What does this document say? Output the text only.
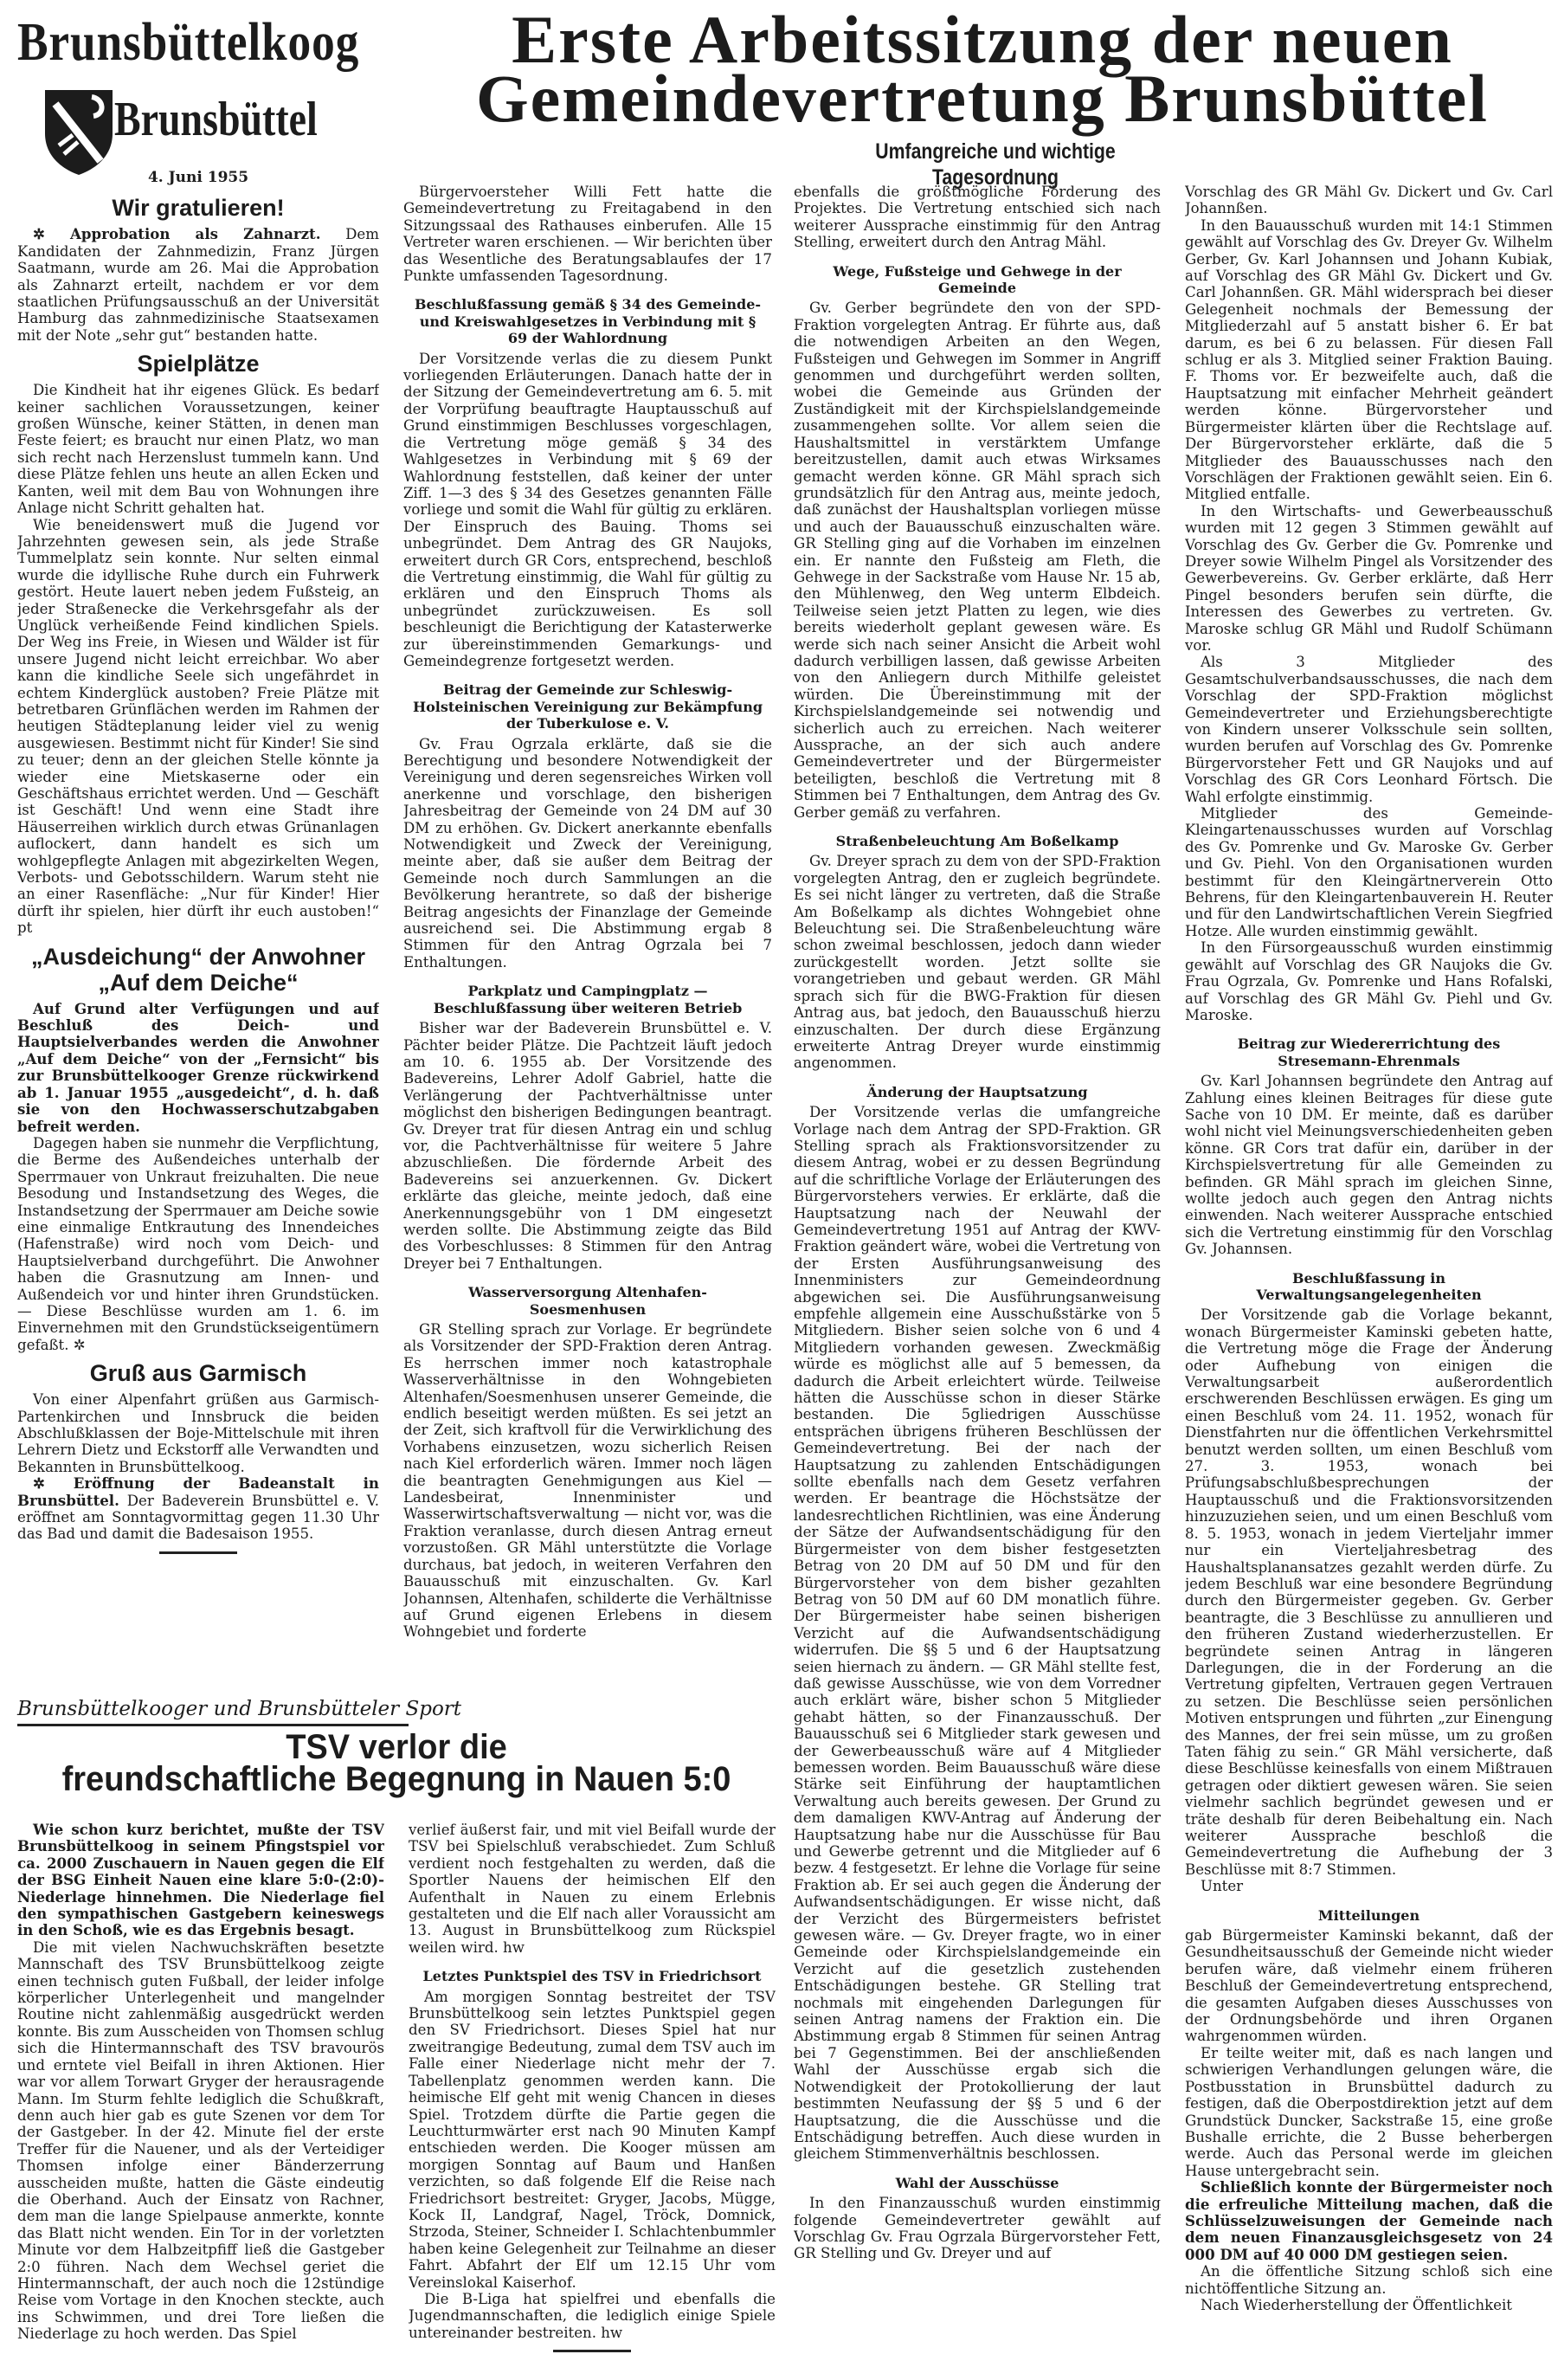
Brunsbüttelkoog
Brunsbüttel
Erste Arbeitssitzung der neuen
Gemeindevertretung Brunsbüttel
Umfangreiche und wichtige Tagesordnung
4. Juni 1955
Wir gratulieren!

✲ Approbation als Zahnarzt. Dem Kandidaten der Zahnmedizin, Franz Jürgen Saatmann, wurde am 26. Mai die Approbation als Zahnarzt erteilt, nachdem er vor dem staatlichen Prüfungsausschuß an der Universität Hamburg das zahnmedizinische Staatsexamen mit der Note „sehr gut“ bestanden hatte.

Spielplätze

Die Kindheit hat ihr eigenes Glück. Es bedarf keiner sachlichen Voraussetzungen, keiner großen Wünsche, keiner Stätten, in denen man Feste feiert; es braucht nur einen Platz, wo man sich recht nach Herzenslust tummeln kann. Und diese Plätze fehlen uns heute an allen Ecken und Kanten, weil mit dem Bau von Wohnungen ihre Anlage nicht Schritt gehalten hat.

Wie beneidenswert muß die Jugend vor Jahrzehnten gewesen sein, als jede Straße Tummelplatz sein konnte. Nur selten einmal wurde die idyllische Ruhe durch ein Fuhrwerk gestört. Heute lauert neben jedem Fußsteig, an jeder Straßenecke die Verkehrsgefahr als der Unglück verheißende Feind kindlichen Spiels. Der Weg ins Freie, in Wiesen und Wälder ist für unsere Jugend nicht leicht erreichbar. Wo aber kann die kindliche Seele sich ungefährdet in echtem Kinderglück austoben? Freie Plätze mit betretbaren Grünflächen werden im Rahmen der heutigen Städteplanung leider viel zu wenig ausgewiesen. Bestimmt nicht für Kinder! Sie sind zu teuer; denn an der gleichen Stelle könnte ja wieder eine Mietskaserne oder ein Geschäftshaus errichtet werden. Und — Geschäft ist Geschäft! Und wenn eine Stadt ihre Häuserreihen wirklich durch etwas Grünanlagen auflockert, dann handelt es sich um wohlgepflegte Anlagen mit abgezirkelten Wegen, Verbots- und Gebotsschildern. Warum steht nie an einer Rasenfläche: „Nur für Kinder! Hier dürft ihr spielen, hier dürft ihr euch austoben!“ pt

„Ausdeichung“ der Anwohner „Auf dem Deiche“

Auf Grund alter Verfügungen und auf Beschluß des Deich- und Hauptsielverbandes werden die Anwohner „Auf dem Deiche“ von der „Fernsicht“ bis zur Brunsbüttelkooger Grenze rückwirkend ab 1. Januar 1955 „ausgedeicht“, d. h. daß sie von den Hochwasserschutzabgaben befreit werden.

Dagegen haben sie nunmehr die Verpflichtung, die Berme des Außendeiches unterhalb der Sperrmauer von Unkraut freizuhalten. Die neue Besodung und Instandsetzung des Weges, die Instandsetzung der Sperrmauer am Deiche sowie eine einmalige Entkrautung des Innendeiches (Hafenstraße) wird noch vom Deich- und Hauptsielverband durchgeführt. Die Anwohner haben die Grasnutzung am Innen- und Außendeich vor und hinter ihren Grundstücken. — Diese Beschlüsse wurden am 1. 6. im Einvernehmen mit den Grundstückseigentümern gefaßt. ✲

Gruß aus Garmisch

Von einer Alpenfahrt grüßen aus Garmisch-Partenkirchen und Innsbruck die beiden Abschlußklassen der Boje-Mittelschule mit ihren Lehrern Dietz und Eckstorff alle Verwandten und Bekannten in Brunsbüttelkoog.

✲ Eröffnung der Badeanstalt in Brunsbüttel. Der Badeverein Brunsbüttel e. V. eröffnet am Sonntagvormittag gegen 11.30 Uhr das Bad und damit die Badesaison 1955.

Bürgervoersteher Willi Fett hatte die Gemeindevertretung zu Freitagabend in den Sitzungssaal des Rathauses einberufen. Alle 15 Vertreter waren erschienen. — Wir berichten über das Wesentliche des Beratungsablaufes der 17 Punkte umfassenden Tagesordnung.

Beschlußfassung gemäß § 34 des Gemeinde- und Kreiswahlgesetzes in Verbindung mit § 69 der Wahlordnung

Der Vorsitzende verlas die zu diesem Punkt vorliegenden Erläuterungen. Danach hatte der in der Sitzung der Gemeindevertretung am 6. 5. mit der Vorprüfung beauftragte Hauptausschuß auf Grund einstimmigen Beschlusses vorgeschlagen, die Vertretung möge gemäß § 34 des Wahlgesetzes in Verbindung mit § 69 der Wahlordnung feststellen, daß keiner der unter Ziff. 1—3 des § 34 des Gesetzes genannten Fälle vorliege und somit die Wahl für gültig zu erklären. Der Einspruch des Bauing. Thoms sei unbegründet. Dem Antrag des GR Naujoks, erweitert durch GR Cors, entsprechend, beschloß die Vertretung einstimmig, die Wahl für gültig zu erklären und den Einspruch Thoms als unbegründet zurückzuweisen. Es soll beschleunigt die Berichtigung der Katasterwerke zur übereinstimmenden Gemarkungs- und Gemeindegrenze fortgesetzt werden.

Beitrag der Gemeinde zur Schleswig-Holsteinischen Vereinigung zur Bekämpfung der Tuberkulose e. V.

Gv. Frau Ogrzala erklärte, daß sie die Berechtigung und besondere Notwendigkeit der Vereinigung und deren segensreiches Wirken voll anerkenne und vorschlage, den bisherigen Jahresbeitrag der Gemeinde von 24 DM auf 30 DM zu erhöhen. Gv. Dickert anerkannte ebenfalls Notwendigkeit und Zweck der Vereinigung, meinte aber, daß sie außer dem Beitrag der Gemeinde noch durch Sammlungen an die Bevölkerung herantrete, so daß der bisherige Beitrag angesichts der Finanzlage der Gemeinde ausreichend sei. Die Abstimmung ergab 8 Stimmen für den Antrag Ogrzala bei 7 Enthaltungen.

Parkplatz und Campingplatz — Beschlußfassung über weiteren Betrieb

Bisher war der Badeverein Brunsbüttel e. V. Pächter beider Plätze. Die Pachtzeit läuft jedoch am 10. 6. 1955 ab. Der Vorsitzende des Badevereins, Lehrer Adolf Gabriel, hatte die Verlängerung der Pachtverhältnisse unter möglichst den bisherigen Bedingungen beantragt. Gv. Dreyer trat für diesen Antrag ein und schlug vor, die Pachtverhältnisse für weitere 5 Jahre abzuschließen. Die fördernde Arbeit des Badevereins sei anzuerkennen. Gv. Dickert erklärte das gleiche, meinte jedoch, daß eine Anerkennungsgebühr von 1 DM eingesetzt werden sollte. Die Abstimmung zeigte das Bild des Vorbeschlusses: 8 Stimmen für den Antrag Dreyer bei 7 Enthaltungen.

Wasserversorgung Altenhafen-Soesmenhusen

GR Stelling sprach zur Vorlage. Er begründete als Vorsitzender der SPD-Fraktion deren Antrag. Es herrschen immer noch katastrophale Wasserverhältnisse in den Wohngebieten Altenhafen/Soesmenhusen unserer Gemeinde, die endlich beseitigt werden müßten. Es sei jetzt an der Zeit, sich kraftvoll für die Verwirklichung des Vorhabens einzusetzen, wozu sicherlich Reisen nach Kiel erforderlich wären. Immer noch lägen die beantragten Genehmigungen aus Kiel — Landesbeirat, Innenminister und Wasserwirtschaftsverwaltung — nicht vor, was die Fraktion veranlasse, durch diesen Antrag erneut vorzustoßen. GR Mähl unterstützte die Vorlage durchaus, bat jedoch, in weiteren Verfahren den Bauausschuß mit einzuschalten. Gv. Karl Johannsen, Altenhafen, schilderte die Verhältnisse auf Grund eigenen Erlebens in diesem Wohngebiet und forderte

ebenfalls die größtmögliche Förderung des Projektes. Die Vertretung entschied sich nach weiterer Aussprache einstimmig für den Antrag Stelling, erweitert durch den Antrag Mähl.

Wege, Fußsteige und Gehwege in der Gemeinde

Gv. Gerber begründete den von der SPD-Fraktion vorgelegten Antrag. Er führte aus, daß die notwendigen Arbeiten an den Wegen, Fußsteigen und Gehwegen im Sommer in Angriff genommen und durchgeführt werden sollten, wobei die Gemeinde aus Gründen der Zuständigkeit mit der Kirchspielslandgemeinde zusammengehen sollte. Vor allem seien die Haushaltsmittel in verstärktem Umfange bereitzustellen, damit auch etwas Wirksames gemacht werden könne. GR Mähl sprach sich grundsätzlich für den Antrag aus, meinte jedoch, daß zunächst der Haushaltsplan vorliegen müsse und auch der Bauausschuß einzuschalten wäre. GR Stelling ging auf die Vorhaben im einzelnen ein. Er nannte den Fußsteig am Fleth, die Gehwege in der Sackstraße vom Hause Nr. 15 ab, den Mühlenweg, den Weg unterm Elbdeich. Teilweise seien jetzt Platten zu legen, wie dies bereits wiederholt geplant gewesen wäre. Es werde sich nach seiner Ansicht die Arbeit wohl dadurch verbilligen lassen, daß gewisse Arbeiten von den Anliegern durch Mithilfe geleistet würden. Die Übereinstimmung mit der Kirchspielslandgemeinde sei notwendig und sicherlich auch zu erreichen. Nach weiterer Aussprache, an der sich auch andere Gemeindevertreter und der Bürgermeister beteiligten, beschloß die Vertretung mit 8 Stimmen bei 7 Enthaltungen, dem Antrag des Gv. Gerber gemäß zu verfahren.

Straßenbeleuchtung Am Boßelkamp

Gv. Dreyer sprach zu dem von der SPD-Fraktion vorgelegten Antrag, den er zugleich begründete. Es sei nicht länger zu vertreten, daß die Straße Am Boßelkamp als dichtes Wohngebiet ohne Beleuchtung sei. Die Straßenbeleuchtung wäre schon zweimal beschlossen, jedoch dann wieder zurückgestellt worden. Jetzt sollte sie vorangetrieben und gebaut werden. GR Mähl sprach sich für die BWG-Fraktion für diesen Antrag aus, bat jedoch, den Bauausschuß hierzu einzuschalten. Der durch diese Ergänzung erweiterte Antrag Dreyer wurde einstimmig angenommen.

Änderung der Hauptsatzung

Der Vorsitzende verlas die umfangreiche Vorlage nach dem Antrag der SPD-Fraktion. GR Stelling sprach als Fraktionsvorsitzender zu diesem Antrag, wobei er zu dessen Begründung auf die schriftliche Vorlage der Erläuterungen des Bürgervorstehers verwies. Er erklärte, daß die Hauptsatzung nach der Neuwahl der Gemeindevertretung 1951 auf Antrag der KWV-Fraktion geändert wäre, wobei die Vertretung von der Ersten Ausführungsanweisung des Innenministers zur Gemeindeordnung abgewichen sei. Die Ausführungsanweisung empfehle allgemein eine Ausschußstärke von 5 Mitgliedern. Bisher seien solche von 6 und 4 Mitgliedern vorhanden gewesen. Zweckmäßig würde es möglichst alle auf 5 bemessen, da dadurch die Arbeit erleichtert würde. Teilweise hätten die Ausschüsse schon in dieser Stärke bestanden. Die 5gliedrigen Ausschüsse entsprächen übrigens früheren Beschlüssen der Gemeindevertretung. Bei der nach der Hauptsatzung zu zahlenden Entschädigungen sollte ebenfalls nach dem Gesetz verfahren werden. Er beantrage die Höchstsätze der landesrechtlichen Richtlinien, was eine Änderung der Sätze der Aufwandsentschädigung für den Bürgermeister von dem bisher festgesetzten Betrag von 20 DM auf 50 DM und für den Bürgervorsteher von dem bisher gezahlten Betrag von 50 DM auf 60 DM monatlich führe. Der Bürgermeister habe seinen bisherigen Verzicht auf die Aufwandsentschädigung widerrufen. Die §§ 5 und 6 der Hauptsatzung seien hiernach zu ändern. — GR Mähl stellte fest, daß gewisse Ausschüsse, wie von dem Vorredner auch erklärt wäre, bisher schon 5 Mitglieder gehabt hätten, so der Finanzausschuß. Der Bauausschuß sei 6 Mitglieder stark gewesen und der Gewerbeausschuß wäre auf 4 Mitglieder bemessen worden. Beim Bauausschuß wäre diese Stärke seit Einführung der hauptamtlichen Verwaltung auch bereits gewesen. Der Grund zu dem damaligen KWV-Antrag auf Änderung der Hauptsatzung habe nur die Ausschüsse für Bau und Gewerbe getrennt und die Mitglieder auf 6 bezw. 4 festgesetzt. Er lehne die Vorlage für seine Fraktion ab. Er sei auch gegen die Änderung der Aufwandsentschädigungen. Er wisse nicht, daß der Verzicht des Bürgermeisters befristet gewesen wäre. — Gv. Dreyer fragte, wo in einer Gemeinde oder Kirchspielslandgemeinde ein Verzicht auf die gesetzlich zustehenden Entschädigungen bestehe. GR Stelling trat nochmals mit eingehenden Darlegungen für seinen Antrag namens der Fraktion ein. Die Abstimmung ergab 8 Stimmen für seinen Antrag bei 7 Gegenstimmen. Bei der anschließenden Wahl der Ausschüsse ergab sich die Notwendigkeit der Protokollierung der laut bestimmten Neufassung der §§ 5 und 6 der Hauptsatzung, die die Ausschüsse und die Entschädigung betreffen. Auch diese wurden in gleichem Stimmenverhältnis beschlossen.

Wahl der Ausschüsse

In den Finanzausschuß wurden einstimmig folgende Gemeindevertreter gewählt auf Vorschlag Gv. Frau Ogrzala Bürgervorsteher Fett, GR Stelling und Gv. Dreyer und auf

Vorschlag des GR Mähl Gv. Dickert und Gv. Carl Johannßen.

In den Bauausschuß wurden mit 14:1 Stimmen gewählt auf Vorschlag des Gv. Dreyer Gv. Wilhelm Gerber, Gv. Karl Johannsen und Johann Kubiak, auf Vorschlag des GR Mähl Gv. Dickert und Gv. Carl Johannßen. GR. Mähl widersprach bei dieser Gelegenheit nochmals der Bemessung der Mitgliederzahl auf 5 anstatt bisher 6. Er bat darum, es bei 6 zu belassen. Für diesen Fall schlug er als 3. Mitglied seiner Fraktion Bauing. F. Thoms vor. Er bezweifelte auch, daß die Hauptsatzung mit einfacher Mehrheit geändert werden könne. Bürgervorsteher und Bürgermeister klärten über die Rechtslage auf. Der Bürgervorsteher erklärte, daß die 5 Mitglieder des Bauausschusses nach den Vorschlägen der Fraktionen gewählt seien. Ein 6. Mitglied entfalle.

In den Wirtschafts- und Gewerbeausschuß wurden mit 12 gegen 3 Stimmen gewählt auf Vorschlag des Gv. Gerber die Gv. Pomrenke und Dreyer sowie Wilhelm Pingel als Vorsitzender des Gewerbevereins. Gv. Gerber erklärte, daß Herr Pingel besonders berufen sein dürfte, die Interessen des Gewerbes zu vertreten. Gv. Maroske schlug GR Mähl und Rudolf Schümann vor.

Als 3 Mitglieder des Gesamtschulverbandsausschusses, die nach dem Vorschlag der SPD-Fraktion möglichst Gemeindevertreter und Erziehungsberechtigte von Kindern unserer Volksschule sein sollten, wurden berufen auf Vorschlag des Gv. Pomrenke Bürgervorsteher Fett und GR Naujoks und auf Vorschlag des GR Cors Leonhard Förtsch. Die Wahl erfolgte einstimmig.

Mitglieder des Gemeinde-Kleingartenausschusses wurden auf Vorschlag des Gv. Pomrenke und Gv. Maroske Gv. Gerber und Gv. Piehl. Von den Organisationen wurden bestimmt für den Kleingärtnerverein Otto Behrens, für den Kleingartenbauverein H. Reuter und für den Landwirtschaftlichen Verein Siegfried Hotze. Alle wurden einstimmig gewählt.

In den Fürsorgeausschuß wurden einstimmig gewählt auf Vorschlag des GR Naujoks die Gv. Frau Ogrzala, Gv. Pomrenke und Hans Rofalski, auf Vorschlag des GR Mähl Gv. Piehl und Gv. Maroske.

Beitrag zur Wiedererrichtung des Stresemann-Ehrenmals

Gv. Karl Johannsen begründete den Antrag auf Zahlung eines kleinen Beitrages für diese gute Sache von 10 DM. Er meinte, daß es darüber wohl nicht viel Meinungsverschiedenheiten geben könne. GR Cors trat dafür ein, darüber in der Kirchspielsvertretung für alle Gemeinden zu befinden. GR Mähl sprach im gleichen Sinne, wollte jedoch auch gegen den Antrag nichts einwenden. Nach weiterer Aussprache entschied sich die Vertretung einstimmig für den Vorschlag Gv. Johannsen.

Beschlußfassung in Verwaltungsangelegenheiten

Der Vorsitzende gab die Vorlage bekannt, wonach Bürgermeister Kaminski gebeten hatte, die Vertretung möge die Frage der Änderung oder Aufhebung von einigen die Verwaltungsarbeit außerordentlich erschwerenden Beschlüssen erwägen. Es ging um einen Beschluß vom 24. 11. 1952, wonach für Dienstfahrten nur die öffentlichen Verkehrsmittel benutzt werden sollten, um einen Beschluß vom 27. 3. 1953, wonach bei Prüfungsabschlußbesprechungen der Hauptausschuß und die Fraktionsvorsitzenden hinzuzuziehen seien, und um einen Beschluß vom 8. 5. 1953, wonach in jedem Vierteljahr immer nur ein Vierteljahresbetrag des Haushaltsplanansatzes gezahlt werden dürfe. Zu jedem Beschluß war eine besondere Begründung durch den Bürgermeister gegeben. Gv. Gerber beantragte, die 3 Beschlüsse zu annullieren und den früheren Zustand wiederherzustellen. Er begründete seinen Antrag in längeren Darlegungen, die in der Forderung an die Vertretung gipfelten, Vertrauen gegen Vertrauen zu setzen. Die Beschlüsse seien persönlichen Motiven entsprungen und führten „zur Einengung des Mannes, der frei sein müsse, um zu großen Taten fähig zu sein.“ GR Mähl versicherte, daß diese Beschlüsse keinesfalls von einem Mißtrauen getragen oder diktiert gewesen wären. Sie seien vielmehr sachlich begründet gewesen und er träte deshalb für deren Beibehaltung ein. Nach weiterer Aussprache beschloß die Gemeindevertretung die Aufhebung der 3 Beschlüsse mit 8:7 Stimmen.

Unter

Mitteilungen

gab Bürgermeister Kaminski bekannt, daß der Gesundheitsausschuß der Gemeinde nicht wieder berufen wäre, daß vielmehr einem früheren Beschluß der Gemeindevertretung entsprechend, die gesamten Aufgaben dieses Ausschusses von der Ordnungsbehörde und ihren Organen wahrgenommen würden.

Er teilte weiter mit, daß es nach langen und schwierigen Verhandlungen gelungen wäre, die Postbusstation in Brunsbüttel dadurch zu festigen, daß die Oberpostdirektion jetzt auf dem Grundstück Duncker, Sackstraße 15, eine große Bushalle errichte, die 2 Busse beherbergen werde. Auch das Personal werde im gleichen Hause untergebracht sein.

Schließlich konnte der Bürgermeister noch die erfreuliche Mitteilung machen, daß die Schlüsselzuweisungen der Gemeinde nach dem neuen Finanzausgleichsgesetz von 24 000 DM auf 40 000 DM gestiegen seien.

An die öffentliche Sitzung schloß sich eine nichtöffentliche Sitzung an.

Nach Wiederherstellung der Öffentlichkeit

Brunsbüttelkooger und Brunsbütteler Sport
TSV verlor die
freundschaftliche Begegnung in Nauen 5:0

Wie schon kurz berichtet, mußte der TSV Brunsbüttelkoog in seinem Pfingstspiel vor ca. 2000 Zuschauern in Nauen gegen die Elf der BSG Einheit Nauen eine klare 5:0-(2:0)-Niederlage hinnehmen. Die Niederlage fiel den sympathischen Gastgebern keineswegs in den Schoß, wie es das Ergebnis besagt.

Die mit vielen Nachwuchskräften besetzte Mannschaft des TSV Brunsbüttelkoog zeigte einen technisch guten Fußball, der leider infolge körperlicher Unterlegenheit und mangelnder Routine nicht zahlenmäßig ausgedrückt werden konnte. Bis zum Ausscheiden von Thomsen schlug sich die Hintermannschaft des TSV bravourös und erntete viel Beifall in ihren Aktionen. Hier war vor allem Torwart Gryger der herausragende Mann. Im Sturm fehlte lediglich die Schußkraft, denn auch hier gab es gute Szenen vor dem Tor der Gastgeber. In der 42. Minute fiel der erste Treffer für die Nauener, und als der Verteidiger Thomsen infolge einer Bänderzerrung ausscheiden mußte, hatten die Gäste eindeutig die Oberhand. Auch der Einsatz von Rachner, dem man die lange Spielpause anmerkte, konnte das Blatt nicht wenden. Ein Tor in der vorletzten Minute vor dem Halbzeitpfiff ließ die Gastgeber 2:0 führen. Nach dem Wechsel geriet die Hintermannschaft, der auch noch die 12stündige Reise vom Vortage in den Knochen steckte, auch ins Schwimmen, und drei Tore ließen die Niederlage zu hoch werden. Das Spiel

verlief äußerst fair, und mit viel Beifall wurde der TSV bei Spielschluß verabschiedet. Zum Schluß verdient noch festgehalten zu werden, daß die Sportler Nauens der heimischen Elf den Aufenthalt in Nauen zu einem Erlebnis gestalteten und die Elf nach aller Voraussicht am 13. August in Brunsbüttelkoog zum Rückspiel weilen wird. hw

Letztes Punktspiel des TSV in Friedrichsort

Am morgigen Sonntag bestreitet der TSV Brunsbüttelkoog sein letztes Punktspiel gegen den SV Friedrichsort. Dieses Spiel hat nur zweitrangige Bedeutung, zumal dem TSV auch im Falle einer Niederlage nicht mehr der 7. Tabellenplatz genommen werden kann. Die heimische Elf geht mit wenig Chancen in dieses Spiel. Trotzdem dürfte die Partie gegen die Leuchtturmwärter erst nach 90 Minuten Kampf entschieden werden. Die Kooger müssen am morgigen Sonntag auf Baum und Hanßen verzichten, so daß folgende Elf die Reise nach Friedrichsort bestreitet: Gryger, Jacobs, Mügge, Kock II, Landgraf, Nagel, Tröck, Domnick, Strzoda, Steiner, Schneider I. Schlachtenbummler haben keine Gelegenheit zur Teilnahme an dieser Fahrt. Abfahrt der Elf um 12.15 Uhr vom Vereinslokal Kaiserhof.

Die B-Liga hat spielfrei und ebenfalls die Jugendmannschaften, die lediglich einige Spiele untereinander bestreiten. hw
